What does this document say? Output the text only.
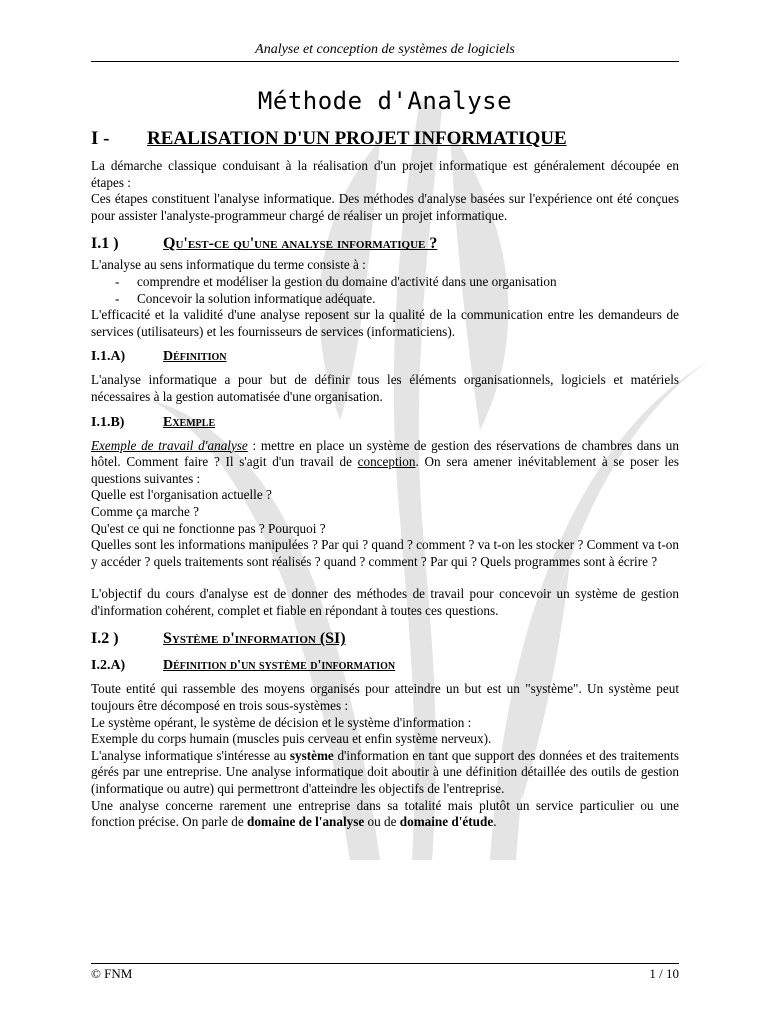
Analyse et conception de systèmes de logiciels
Méthode d'Analyse
I -	REALISATION D'UN PROJET INFORMATIQUE

La démarche classique conduisant à la réalisation d'un projet informatique est généralement découpée en étapes :

Ces étapes constituent l'analyse informatique. Des méthodes d'analyse basées sur l'expérience ont été conçues pour assister l'analyste-programmeur chargé de réaliser un projet informatique.

I.1 )	Qu'est-ce qu'une analyse informatique ?

L'analyse au sens informatique du terme consiste à :

- comprendre et modéliser la gestion du domaine d'activité dans une organisation
- Concevoir la solution informatique adéquate.

L'efficacité et la validité d'une analyse reposent sur la qualité de la communication entre les demandeurs de services (utilisateurs) et les fournisseurs de services (informaticiens).

I.1.A)	Définition

L'analyse informatique a pour but de définir tous les éléments organisationnels, logiciels et matériels nécessaires à la gestion automatisée d'une organisation.

I.1.B)	Exemple

Exemple de travail d'analyse : mettre en place un système de gestion des réservations de chambres dans un hôtel. Comment faire ? Il s'agit d'un travail de conception. On sera amener inévitablement à se poser les questions suivantes :

Quelle est l'organisation actuelle ?

Comme ça marche ?

Qu'est ce qui ne fonctionne pas ? Pourquoi ?

Quelles sont les informations manipulées ? Par qui ? quand ? comment ? va t-on les stocker ? Comment va t-on y accéder ? quels traitements sont réalisés ? quand ? comment ? Par qui ? Quels programmes sont à écrire ?

L'objectif du cours d'analyse est de donner des méthodes de travail pour concevoir un système de gestion d'information cohérent, complet et fiable en répondant à toutes ces questions.

I.2 )	Système d'information (SI)
I.2.A)	Définition d'un système d'information

Toute entité qui rassemble des moyens organisés pour atteindre un but est un "système". Un système peut toujours être décomposé en trois sous-systèmes :

Le système opérant, le système de décision et le système d'information :

Exemple du corps humain (muscles puis cerveau et enfin système nerveux).

L'analyse informatique s'intéresse au système d'information en tant que support des données et des traitements gérés par une entreprise. Une analyse informatique doit aboutir à une définition détaillée des outils de gestion (informatique ou autre) qui permettront d'atteindre les objectifs de l'entreprise.

Une analyse concerne rarement une entreprise dans sa totalité mais plutôt un service particulier ou une fonction précise. On parle de domaine de l'analyse ou de domaine d'étude.

© FNM	1 / 10
